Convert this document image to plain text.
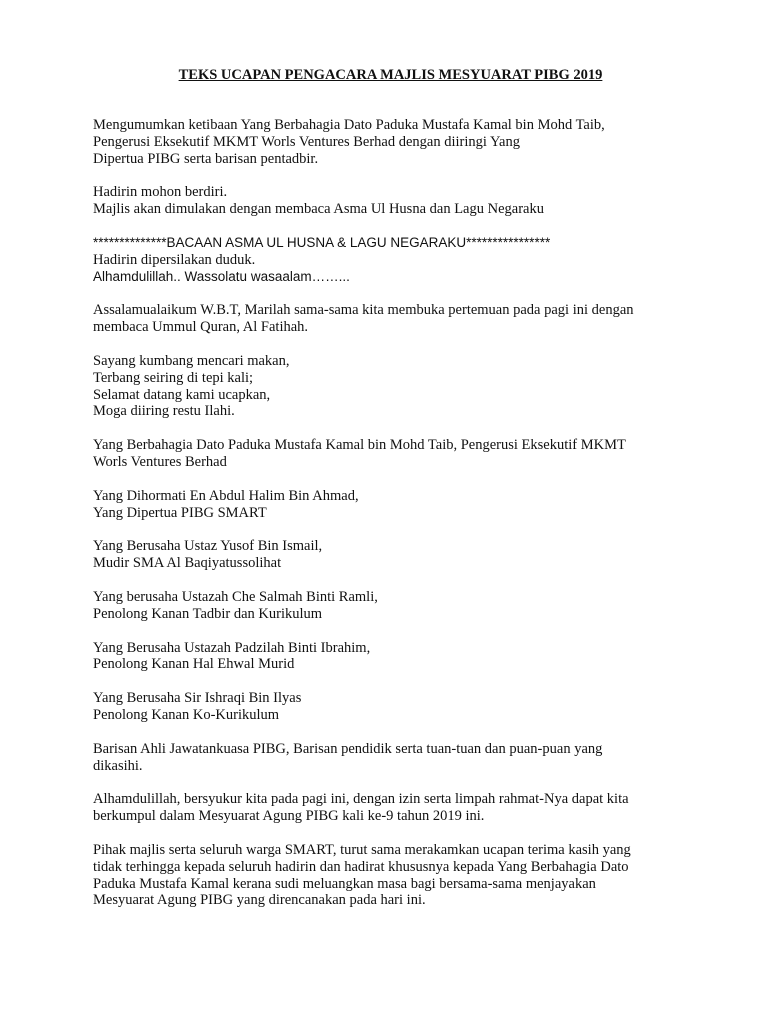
TEKS UCAPAN PENGACARA MAJLIS MESYUARAT PIBG 2019
Mengumumkan ketibaan Yang Berbahagia Dato Paduka Mustafa Kamal bin Mohd Taib,
Pengerusi Eksekutif MKMT Worls Ventures Berhad dengan diiringi Yang
Dipertua PIBG serta barisan pentadbir.
Hadirin mohon berdiri.
Majlis akan dimulakan dengan membaca Asma Ul Husna dan Lagu Negaraku
**************BACAAN ASMA UL HUSNA & LAGU NEGARAKU****************
Hadirin dipersilakan duduk.
Alhamdulillah.. Wassolatu wasaalam……...
Assalamualaikum W.B.T, Marilah sama-sama kita membuka pertemuan pada pagi ini dengan
membaca Ummul Quran, Al Fatihah.
Sayang kumbang mencari makan,
Terbang seiring di tepi kali;
Selamat datang kami ucapkan,
Moga diiring restu Ilahi.
Yang Berbahagia Dato Paduka Mustafa Kamal bin Mohd Taib, Pengerusi Eksekutif MKMT
Worls Ventures Berhad
Yang Dihormati En Abdul Halim Bin Ahmad,
Yang Dipertua PIBG SMART
Yang Berusaha Ustaz Yusof Bin Ismail,
Mudir SMA Al Baqiyatussolihat
Yang berusaha Ustazah Che Salmah Binti Ramli,
Penolong Kanan Tadbir dan Kurikulum
Yang Berusaha Ustazah Padzilah Binti Ibrahim,
Penolong Kanan Hal Ehwal Murid
Yang Berusaha Sir Ishraqi Bin Ilyas
Penolong Kanan Ko-Kurikulum
Barisan Ahli Jawatankuasa PIBG, Barisan pendidik serta tuan-tuan dan puan-puan yang
dikasihi.
Alhamdulillah, bersyukur kita pada pagi ini, dengan izin serta limpah rahmat-Nya dapat kita
berkumpul dalam Mesyuarat Agung PIBG kali ke-9 tahun 2019 ini.
Pihak majlis serta seluruh warga SMART, turut sama merakamkan ucapan terima kasih yang
tidak terhingga kepada seluruh hadirin dan hadirat khususnya kepada Yang Berbahagia Dato
Paduka Mustafa Kamal kerana sudi meluangkan masa bagi bersama-sama menjayakan
Mesyuarat Agung PIBG yang direncanakan pada hari ini.
